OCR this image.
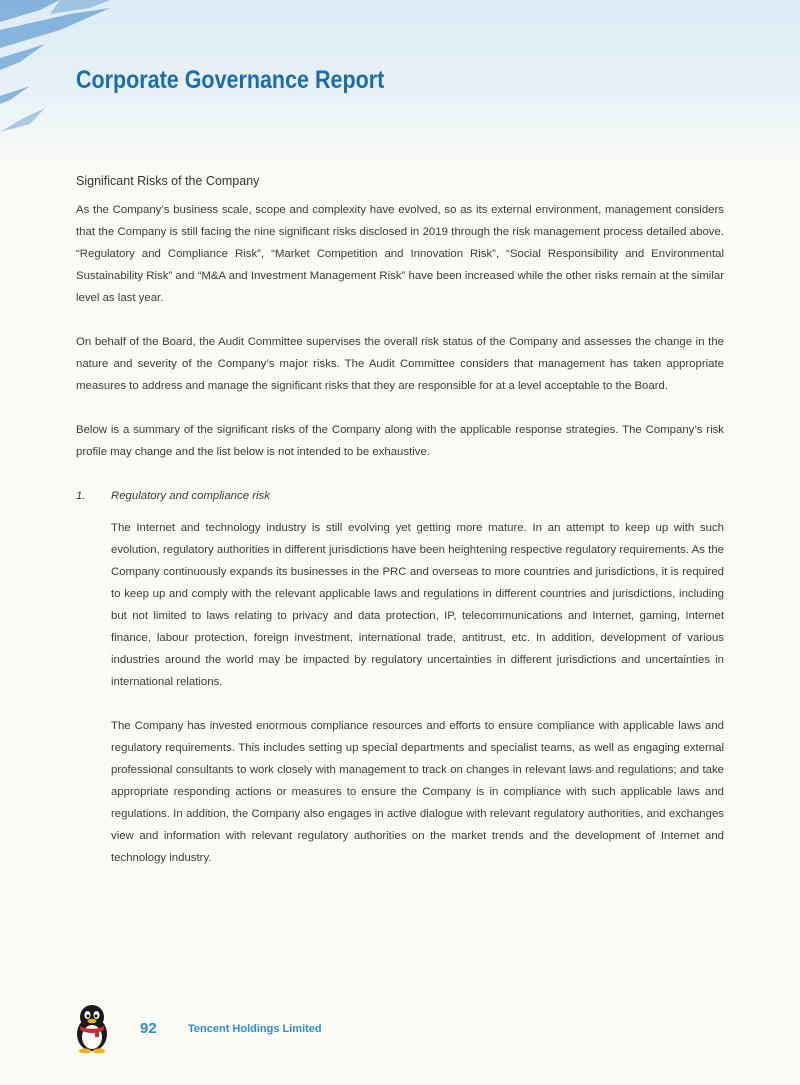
Corporate Governance Report

Significant Risks of the Company

As the Company’s business scale, scope and complexity have evolved, so as its external environment, management considers that the Company is still facing the nine significant risks disclosed in 2019 through the risk management process detailed above. “Regulatory and Compliance Risk”, “Market Competition and Innovation Risk”, “Social Responsibility and Environmental Sustainability Risk” and “M&A and Investment Management Risk” have been increased while the other risks remain at the similar level as last year.

On behalf of the Board, the Audit Committee supervises the overall risk status of the Company and assesses the change in the nature and severity of the Company’s major risks. The Audit Committee considers that management has taken appropriate measures to address and manage the significant risks that they are responsible for at a level acceptable to the Board.

Below is a summary of the significant risks of the Company along with the applicable response strategies. The Company’s risk profile may change and the list below is not intended to be exhaustive.

1.	Regulatory and compliance risk

The Internet and technology industry is still evolving yet getting more mature. In an attempt to keep up with such evolution, regulatory authorities in different jurisdictions have been heightening respective regulatory requirements. As the Company continuously expands its businesses in the PRC and overseas to more countries and jurisdictions, it is required to keep up and comply with the relevant applicable laws and regulations in different countries and jurisdictions, including but not limited to laws relating to privacy and data protection, IP, telecommunications and Internet, gaming, Internet finance, labour protection, foreign investment, international trade, antitrust, etc. In addition, development of various industries around the world may be impacted by regulatory uncertainties in different jurisdictions and uncertainties in international relations.

The Company has invested enormous compliance resources and efforts to ensure compliance with applicable laws and regulatory requirements. This includes setting up special departments and specialist teams, as well as engaging external professional consultants to work closely with management to track on changes in relevant laws and regulations; and take appropriate responding actions or measures to ensure the Company is in compliance with such applicable laws and regulations. In addition, the Company also engages in active dialogue with relevant regulatory authorities, and exchanges view and information with relevant regulatory authorities on the market trends and the development of Internet and technology industry.

92	Tencent Holdings Limited
